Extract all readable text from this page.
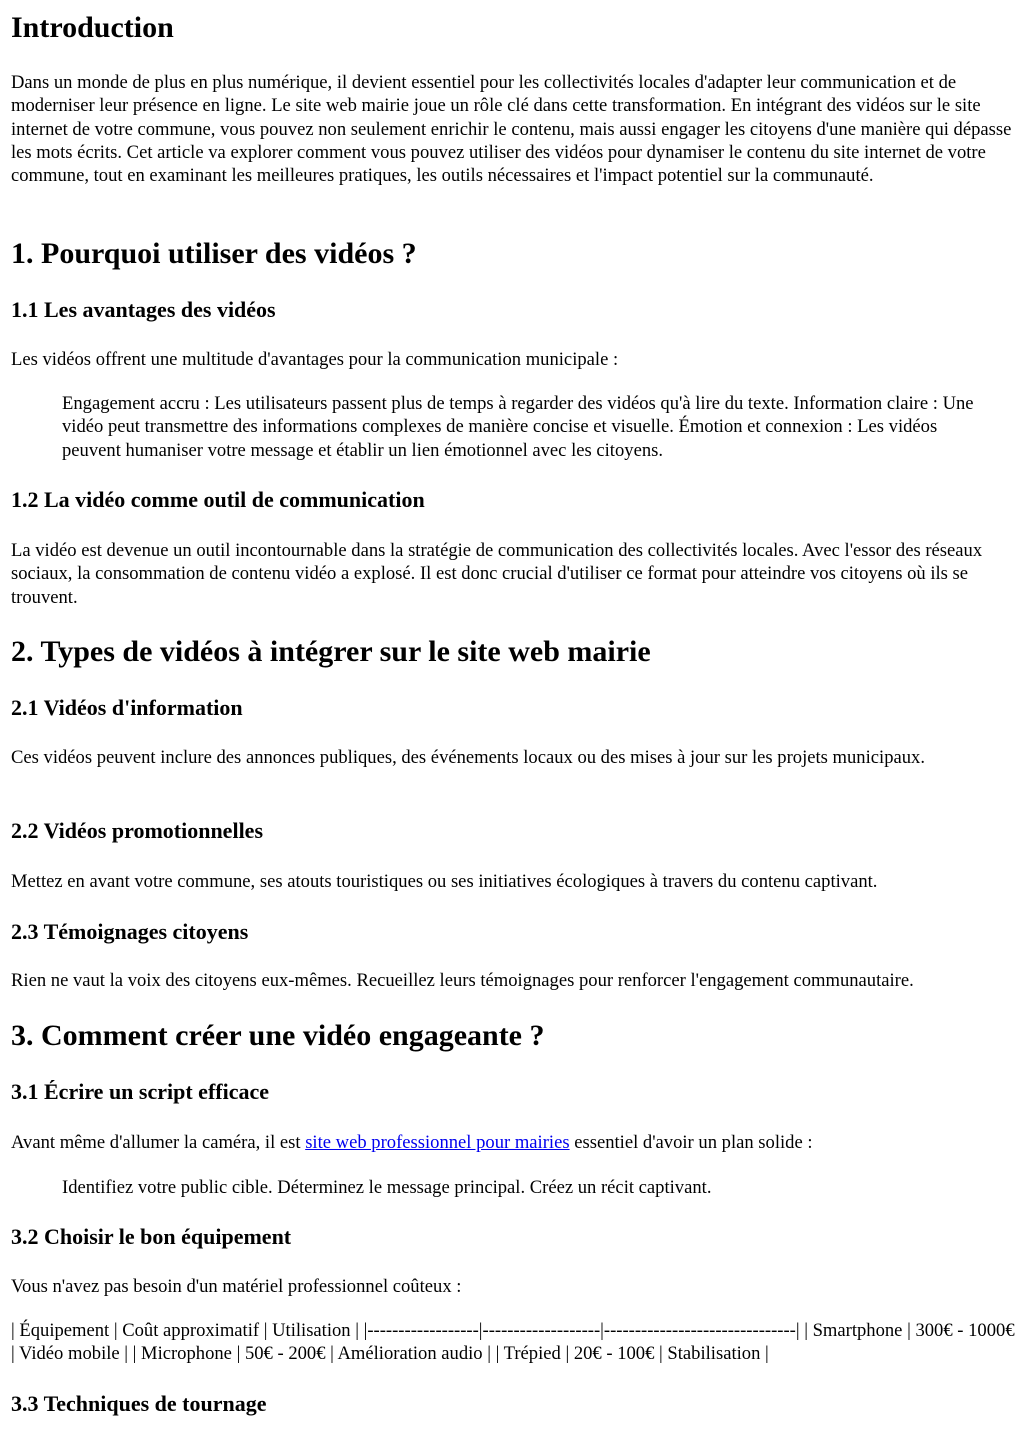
Introduction

Dans un monde de plus en plus numérique, il devient essentiel pour les collectivités locales d'adapter leur communication et de moderniser leur présence en ligne. Le site web mairie joue un rôle clé dans cette transformation. En intégrant des vidéos sur le site internet de votre commune, vous pouvez non seulement enrichir le contenu, mais aussi engager les citoyens d'une manière qui dépasse les mots écrits. Cet article va explorer comment vous pouvez utiliser des vidéos pour dynamiser le contenu du site internet de votre commune, tout en examinant les meilleures pratiques, les outils nécessaires et l'impact potentiel sur la communauté.

1. Pourquoi utiliser des vidéos ?
1.1 Les avantages des vidéos

Les vidéos offrent une multitude d'avantages pour la communication municipale :

Engagement accru : Les utilisateurs passent plus de temps à regarder des vidéos qu'à lire du texte. Information claire : Une vidéo peut transmettre des informations complexes de manière concise et visuelle. Émotion et connexion : Les vidéos peuvent humaniser votre message et établir un lien émotionnel avec les citoyens.

1.2 La vidéo comme outil de communication

La vidéo est devenue un outil incontournable dans la stratégie de communication des collectivités locales. Avec l'essor des réseaux sociaux, la consommation de contenu vidéo a explosé. Il est donc crucial d'utiliser ce format pour atteindre vos citoyens où ils se trouvent.

2. Types de vidéos à intégrer sur le site web mairie
2.1 Vidéos d'information

Ces vidéos peuvent inclure des annonces publiques, des événements locaux ou des mises à jour sur les projets municipaux.

2.2 Vidéos promotionnelles

Mettez en avant votre commune, ses atouts touristiques ou ses initiatives écologiques à travers du contenu captivant.

2.3 Témoignages citoyens

Rien ne vaut la voix des citoyens eux-mêmes. Recueillez leurs témoignages pour renforcer l'engagement communautaire.

3. Comment créer une vidéo engageante ?
3.1 Écrire un script efficace

Avant même d'allumer la caméra, il est site web professionnel pour mairies essentiel d'avoir un plan solide :

Identifiez votre public cible. Déterminez le message principal. Créez un récit captivant.

3.2 Choisir le bon équipement

Vous n'avez pas besoin d'un matériel professionnel coûteux :

| Équipement | Coût approximatif | Utilisation | |------------------|-------------------|-------------------------------| | Smartphone | 300€ - 1000€ | Vidéo mobile | | Microphone | 50€ - 200€ | Amélioration audio | | Trépied | 20€ - 100€ | Stabilisation |

3.3 Techniques de tournage
